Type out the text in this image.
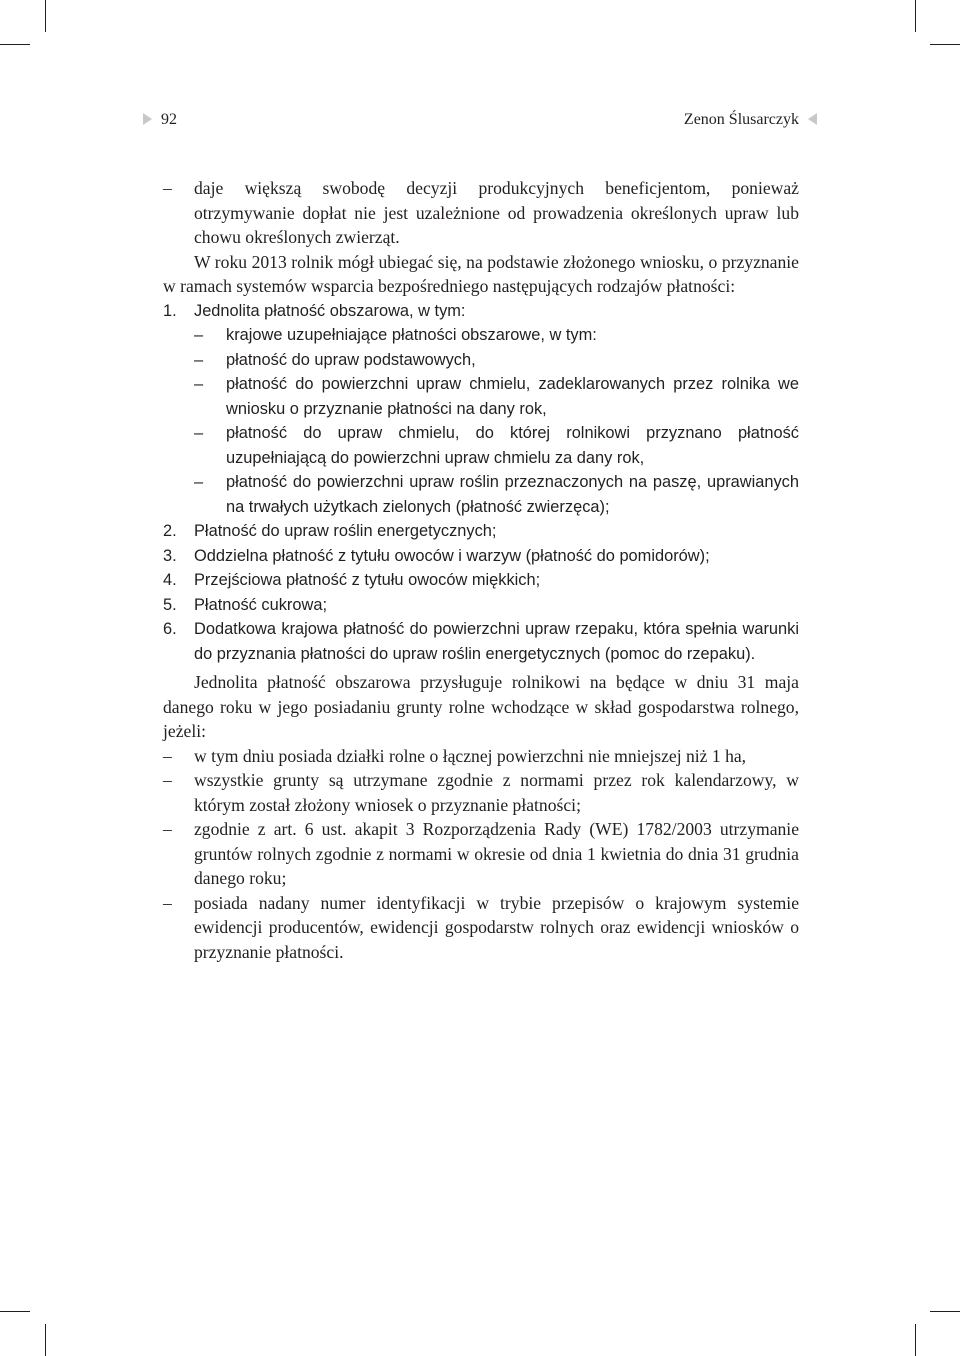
92	Zenon Ślusarczyk

– daje większą swobodę decyzji produkcyjnych beneficjentom, ponieważ otrzymywanie dopłat nie jest uzależnione od prowadzenia określonych upraw lub chowu określonych zwierząt.

W roku 2013 rolnik mógł ubiegać się, na podstawie złożonego wniosku, o przyznanie w ramach systemów wsparcia bezpośredniego następujących rodzajów płatności:

1. Jednolita płatność obszarowa, w tym:

– krajowe uzupełniające płatności obszarowe, w tym:

– płatność do upraw podstawowych,

– płatność do powierzchni upraw chmielu, zadeklarowanych przez rolnika we wniosku o przyznanie płatności na dany rok,

– płatność do upraw chmielu, do której rolnikowi przyznano płatność uzupełniającą do powierzchni upraw chmielu za dany rok,

– płatność do powierzchni upraw roślin przeznaczonych na paszę, uprawianych na trwałych użytkach zielonych (płatność zwierzęca);

2. Płatność do upraw roślin energetycznych;

3. Oddzielna płatność z tytułu owoców i warzyw (płatność do pomidorów);

4. Przejściowa płatność z tytułu owoców miękkich;

5. Płatność cukrowa;

6. Dodatkowa krajowa płatność do powierzchni upraw rzepaku, która spełnia warunki do przyznania płatności do upraw roślin energetycznych (pomoc do rzepaku).

Jednolita płatność obszarowa przysługuje rolnikowi na będące w dniu 31 maja danego roku w jego posiadaniu grunty rolne wchodzące w skład gospodarstwa rolnego, jeżeli:

– w tym dniu posiada działki rolne o łącznej powierzchni nie mniejszej niż 1 ha,

– wszystkie grunty są utrzymane zgodnie z normami przez rok kalendarzowy, w którym został złożony wniosek o przyznanie płatności;

– zgodnie z art. 6 ust. akapit 3 Rozporządzenia Rady (WE) 1782/2003 utrzymanie gruntów rolnych zgodnie z normami w okresie od dnia 1 kwietnia do dnia 31 grudnia danego roku;

– posiada nadany numer identyfikacji w trybie przepisów o krajowym systemie ewidencji producentów, ewidencji gospodarstw rolnych oraz ewidencji wniosków o przyznanie płatności.
